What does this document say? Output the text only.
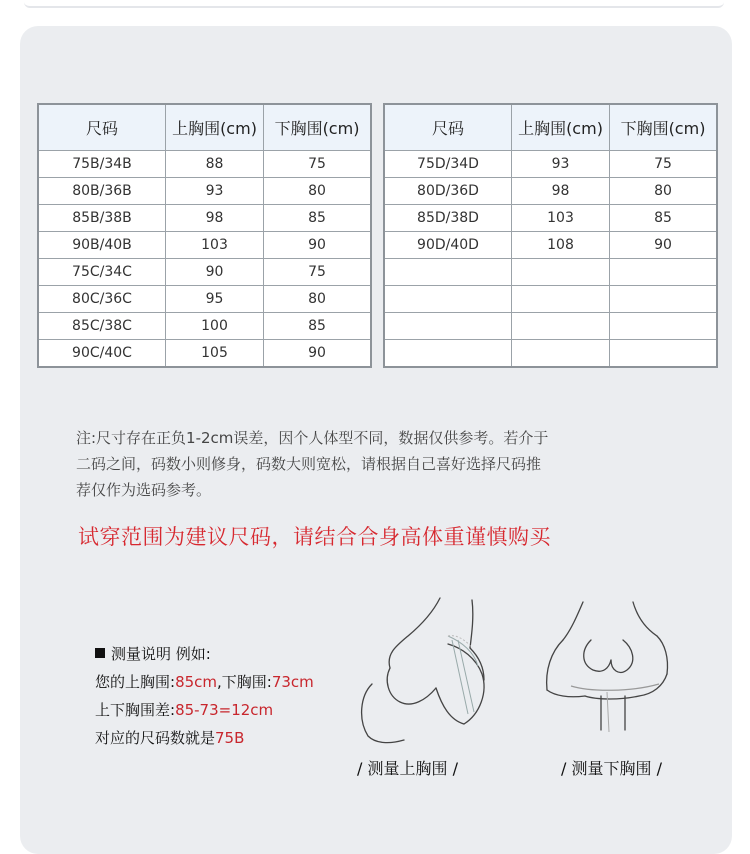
尺码	上胸围(cm)	下胸围(cm)
75B/34B	88	75
80B/36B	93	80
85B/38B	98	85
90B/40B	103	90
75C/34C	90	75
80C/36C	95	80
85C/38C	100	85
90C/40C	105	90
尺码	上胸围(cm)	下胸围(cm)
75D/34D	93	75
80D/36D	98	80
85D/38D	103	85
90D/40D	108	90

注:尺寸存在正负1-2cm误差，因个人体型不同，数据仅供参考。若介于
二码之间，码数小则修身，码数大则宽松，请根据自己喜好选择尺码推
荐仅作为选码参考。
试穿范围为建议尺码，请结合合身高体重谨慎购买
测量说明 例如:
您的上胸围:85cm,下胸围:73cm
上下胸围差:85-73=12cm
对应的尺码数就是75B
/ 测量上胸围 /	/ 测量下胸围 /
